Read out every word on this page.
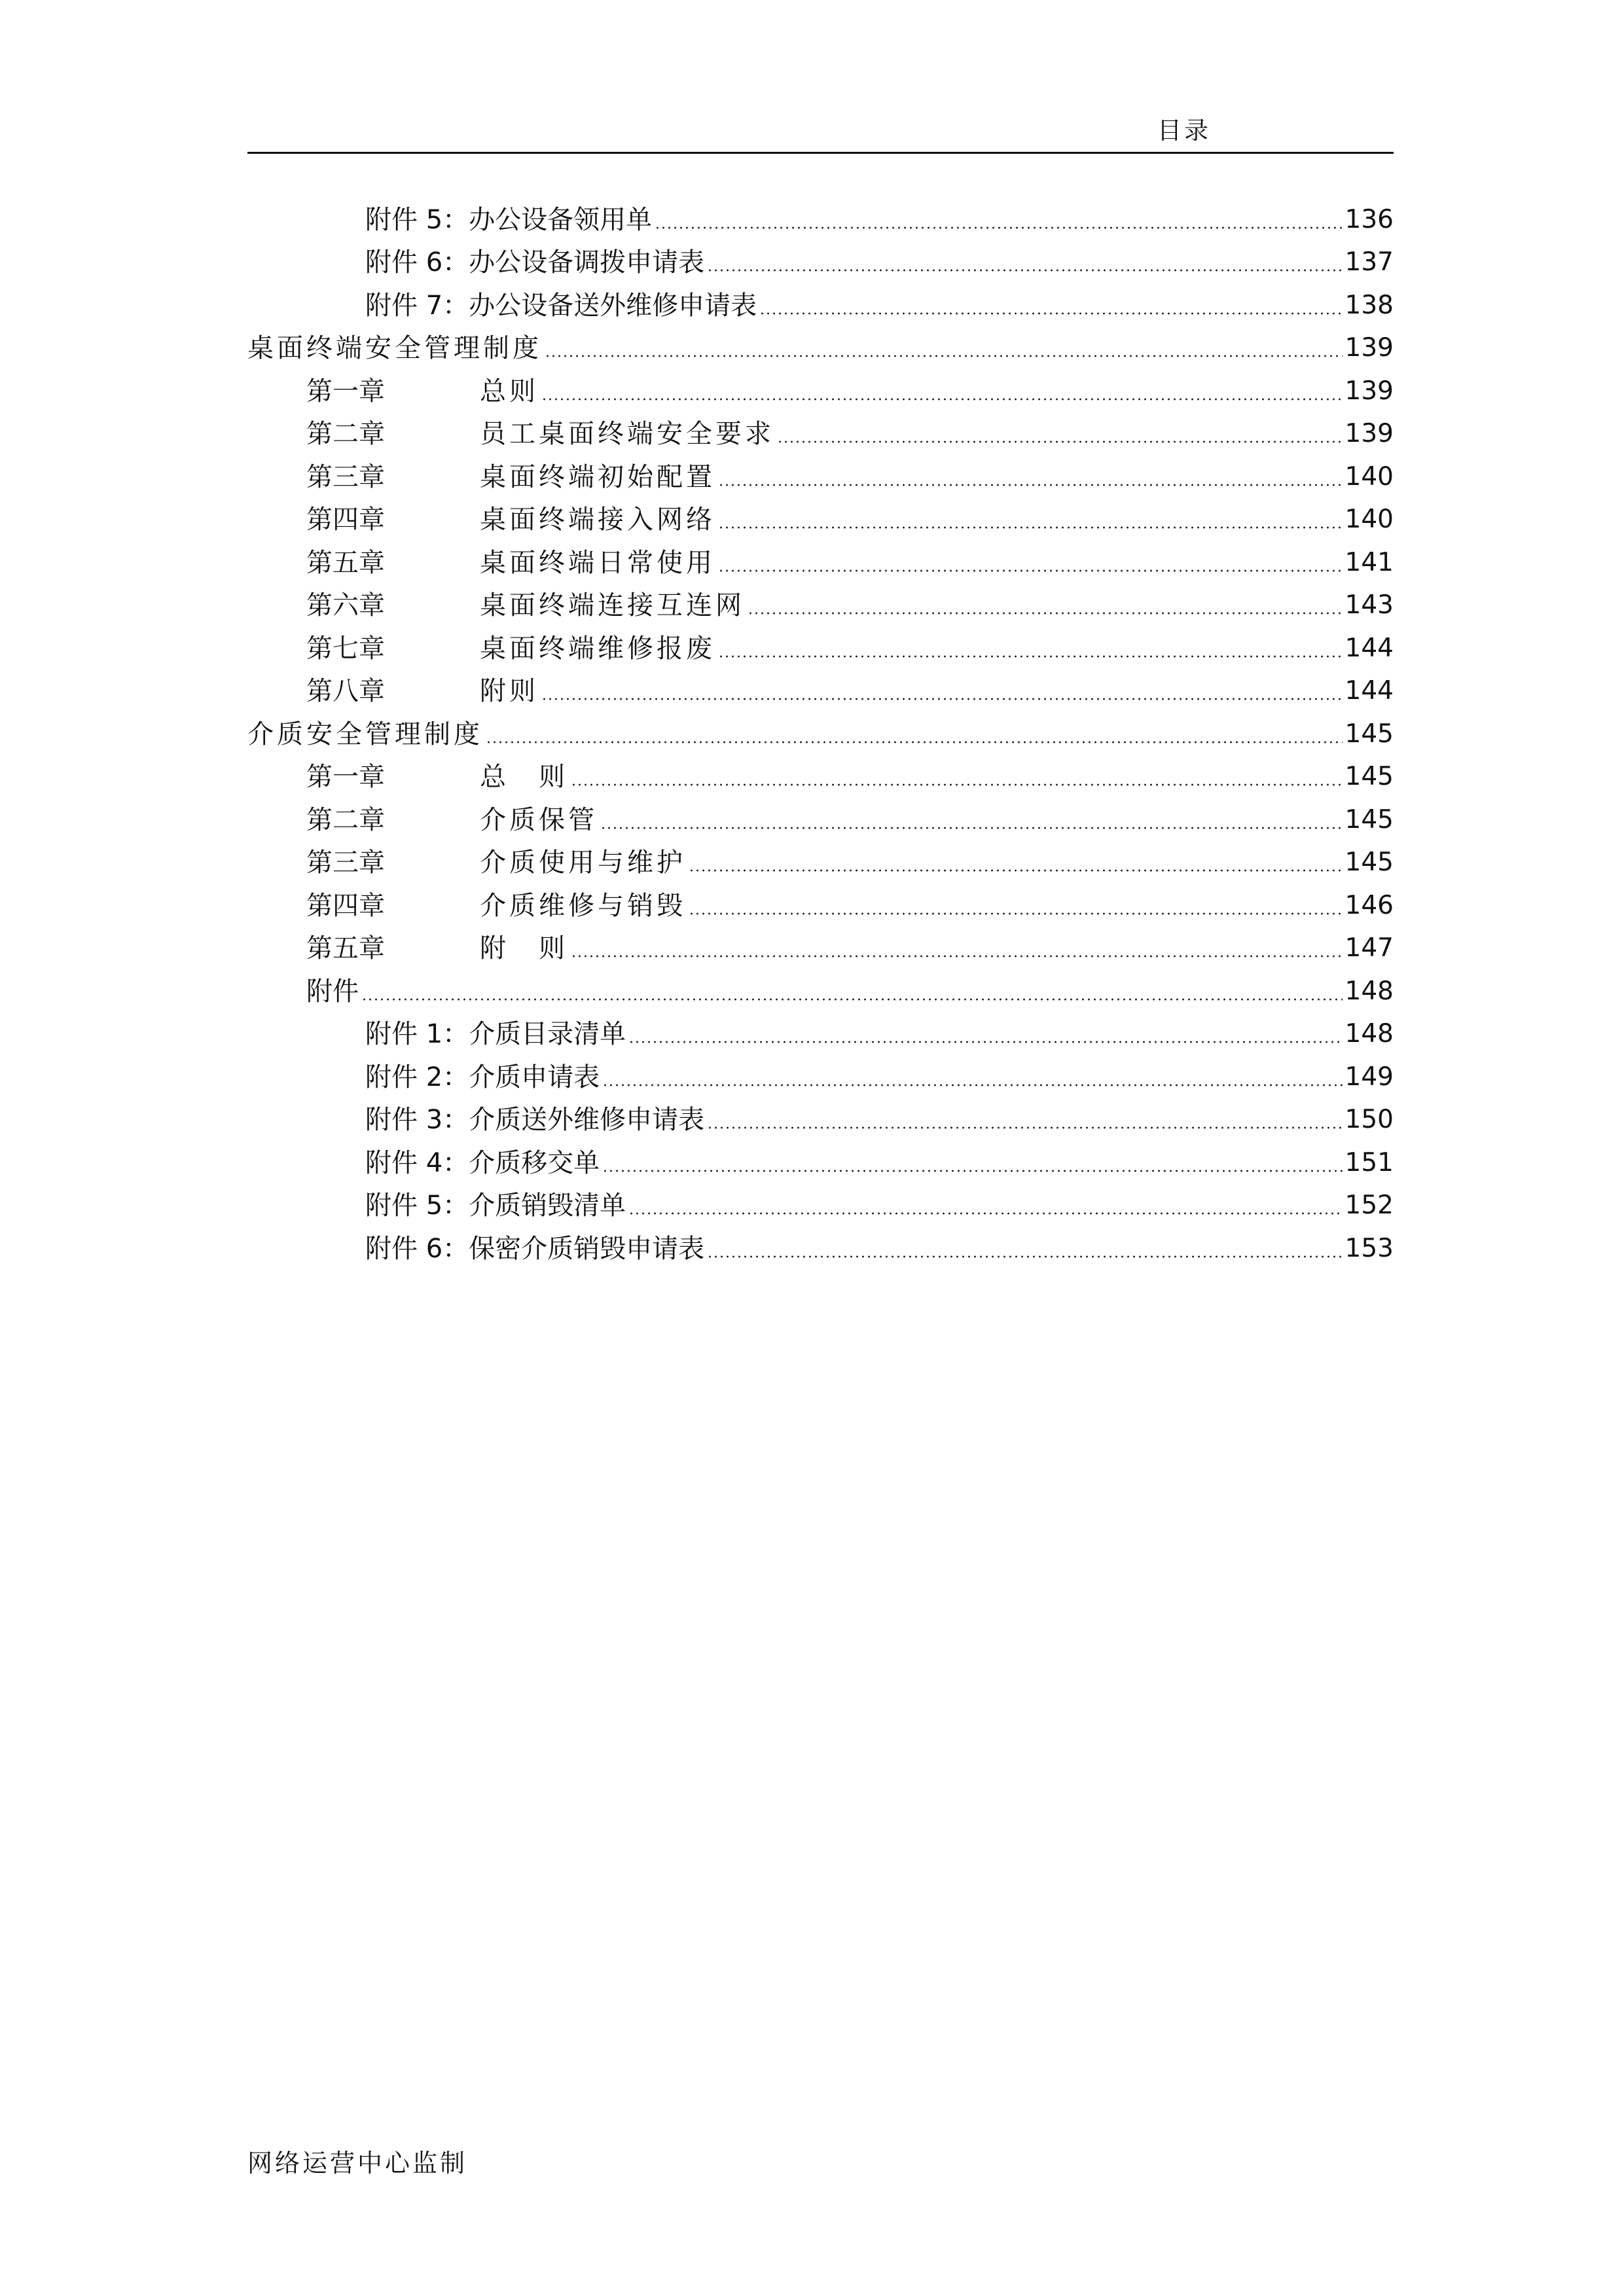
目录
附件 5：办公设备领用单	136
附件 6：办公设备调拨申请表	137
附件 7：办公设备送外维修申请表	138
桌面终端安全管理制度	139
第一章	总则	139
第二章	员工桌面终端安全要求	139
第三章	桌面终端初始配置	140
第四章	桌面终端接入网络	140
第五章	桌面终端日常使用	141
第六章	桌面终端连接互连网	143
第七章	桌面终端维修报废	144
第八章	附则	144
介质安全管理制度	145
第一章	总　则	145
第二章	介质保管	145
第三章	介质使用与维护	145
第四章	介质维修与销毁	146
第五章	附　则	147
附件	148
附件 1：介质目录清单	148
附件 2：介质申请表	149
附件 3：介质送外维修申请表	150
附件 4：介质移交单	151
附件 5：介质销毁清单	152
附件 6：保密介质销毁申请表	153
网络运营中心监制
